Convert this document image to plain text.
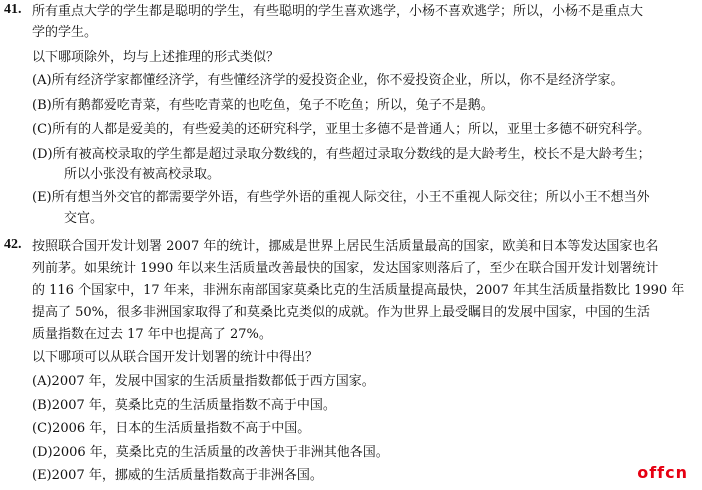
41. 所有重点大学的学生都是聪明的学生，有些聪明的学生喜欢逃学，小杨不喜欢逃学；所以，小杨不是重点大
学的学生。
以下哪项除外，均与上述推理的形式类似？
(A)所有经济学家都懂经济学，有些懂经济学的爱投资企业，你不爱投资企业，所以，你不是经济学家。
(B)所有鹅都爱吃青菜，有些吃青菜的也吃鱼，兔子不吃鱼；所以，兔子不是鹅。
(C)所有的人都是爱美的，有些爱美的还研究科学，亚里士多德不是普通人；所以，亚里士多德不研究科学。
(D)所有被高校录取的学生都是超过录取分数线的，有些超过录取分数线的是大龄考生，校长不是大龄考生；
所以小张没有被高校录取。
(E)所有想当外交官的都需要学外语，有些学外语的重视人际交往，小王不重视人际交往；所以小王不想当外
交官。
42. 按照联合国开发计划署 2007 年的统计，挪威是世界上居民生活质量最高的国家，欧美和日本等发达国家也名
列前茅。如果统计 1990 年以来生活质量改善最快的国家，发达国家则落后了，至少在联合国开发计划署统计
的 116 个国家中，17 年来，非洲东南部国家莫桑比克的生活质量提高最快，2007 年其生活质量指数比 1990 年
提高了 50%，很多非洲国家取得了和莫桑比克类似的成就。作为世界上最受瞩目的发展中国家，中国的生活
质量指数在过去 17 年中也提高了 27%。
以下哪项可以从联合国开发计划署的统计中得出？
(A)2007 年，发展中国家的生活质量指数都低于西方国家。
(B)2007 年，莫桑比克的生活质量指数不高于中国。
(C)2006 年，日本的生活质量指数不高于中国。
(D)2006 年，莫桑比克的生活质量的改善快于非洲其他各国。
(E)2007 年，挪威的生活质量指数高于非洲各国。	offcn
